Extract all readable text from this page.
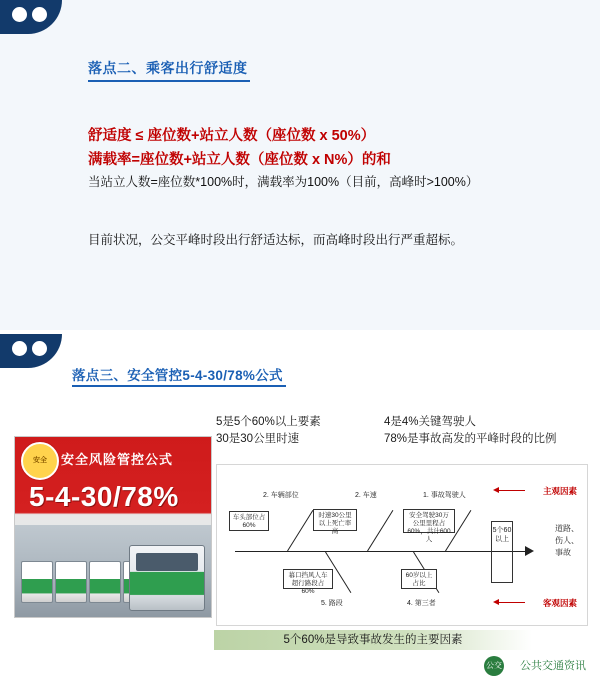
落点二、乘客出行舒适度
舒适度 ≤ 座位数+站立人数（座位数 x 50%）
满载率=座位数+站立人数（座位数 x N%）的和
当站立人数=座位数*100%时，满载率为100%（目前，高峰时>100%）
目前状况，公交平峰时段出行舒适达标，而高峰时段出行严重超标。
落点三、安全管控5-4-30/78%公式
5是5个60%以上要素	4是4%关键驾驶人
30是30公里时速	78%是事故高发的平峰时段的比例
安全	安全风险管控公式
5-4-30/78%	2. 车辆部位	2. 车速	1. 事故驾驶人
5. 路段	4. 第三者
车头部位占60%
时速30公里以上死亡率高
安全驾驶30万公里里程占60%，共计600人
幕口挡风人车超行路段占60%
60岁以上占比
5个60以上
道路、
伤人、
事故
主观因素
客观因素
5个60%是导致事故发生的主要因素
公交 公共交通资讯
